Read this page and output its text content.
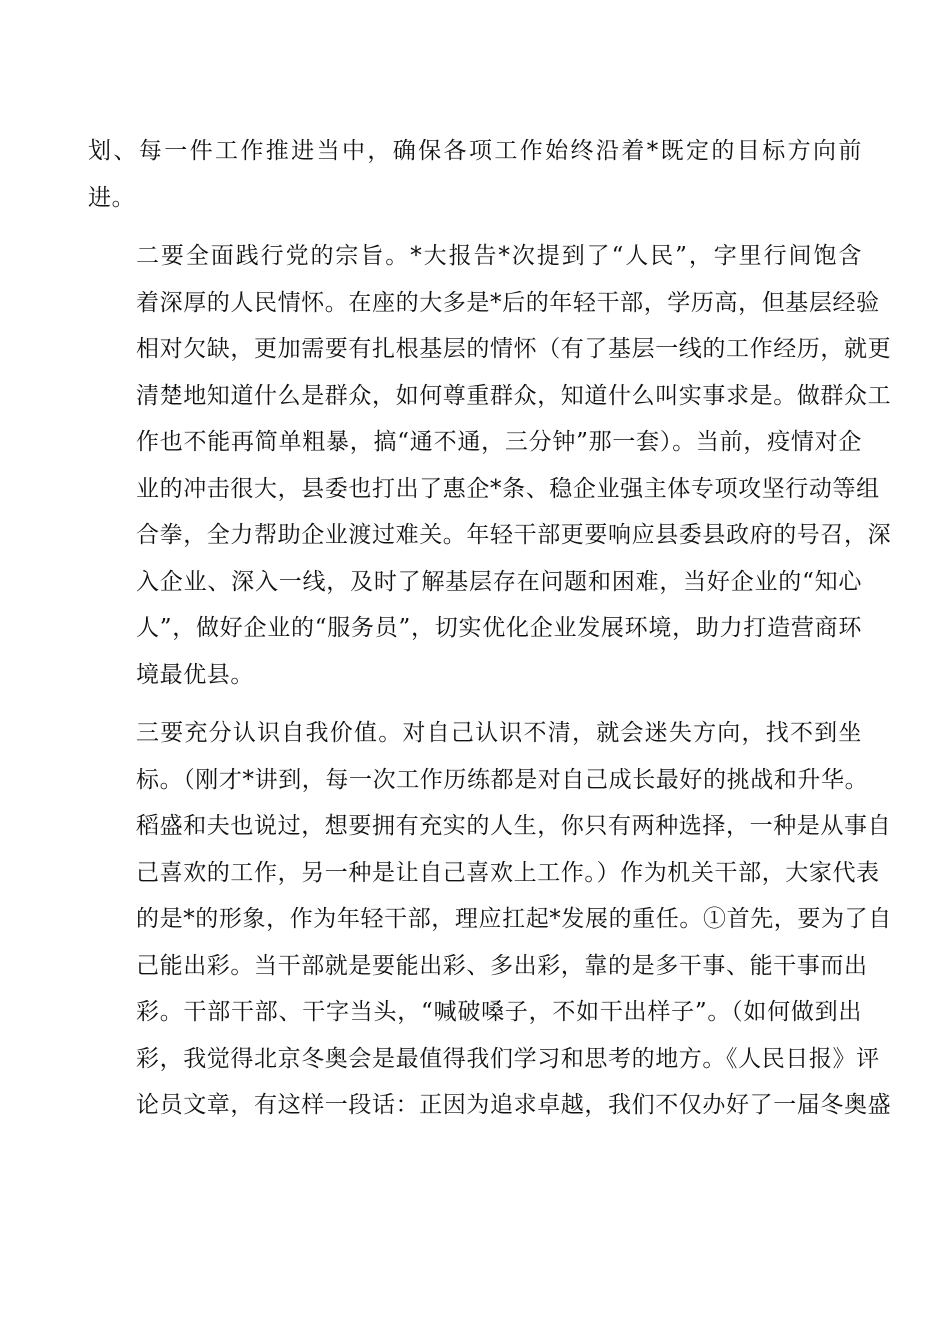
划、每一件工作推进当中，确保各项工作始终沿着*既定的目标方向前
进。

二要全面践行党的宗旨。*大报告*次提到了“人民”，字里行间饱含
着深厚的人民情怀。在座的大多是*后的年轻干部，学历高，但基层经验
相对欠缺，更加需要有扎根基层的情怀（有了基层一线的工作经历，就更
清楚地知道什么是群众，如何尊重群众，知道什么叫实事求是。做群众工
作也不能再简单粗暴，搞“通不通，三分钟”那一套）。当前，疫情对企
业的冲击很大，县委也打出了惠企*条、稳企业强主体专项攻坚行动等组
合拳，全力帮助企业渡过难关。年轻干部更要响应县委县政府的号召，深
入企业、深入一线，及时了解基层存在问题和困难，当好企业的“知心
人”，做好企业的“服务员”，切实优化企业发展环境，助力打造营商环
境最优县。

三要充分认识自我价值。对自己认识不清，就会迷失方向，找不到坐
标。（刚才*讲到，每一次工作历练都是对自己成长最好的挑战和升华。
稻盛和夫也说过，想要拥有充实的人生，你只有两种选择，一种是从事自
己喜欢的工作，另一种是让自己喜欢上工作。）作为机关干部，大家代表
的是*的形象，作为年轻干部，理应扛起*发展的重任。①首先，要为了自
己能出彩。当干部就是要能出彩、多出彩，靠的是多干事、能干事而出
彩。干部干部、干字当头，“喊破嗓子，不如干出样子”。（如何做到出
彩，我觉得北京冬奥会是最值得我们学习和思考的地方。《人民日报》评
论员文章，有这样一段话：正因为追求卓越，我们不仅办好了一届冬奥盛
